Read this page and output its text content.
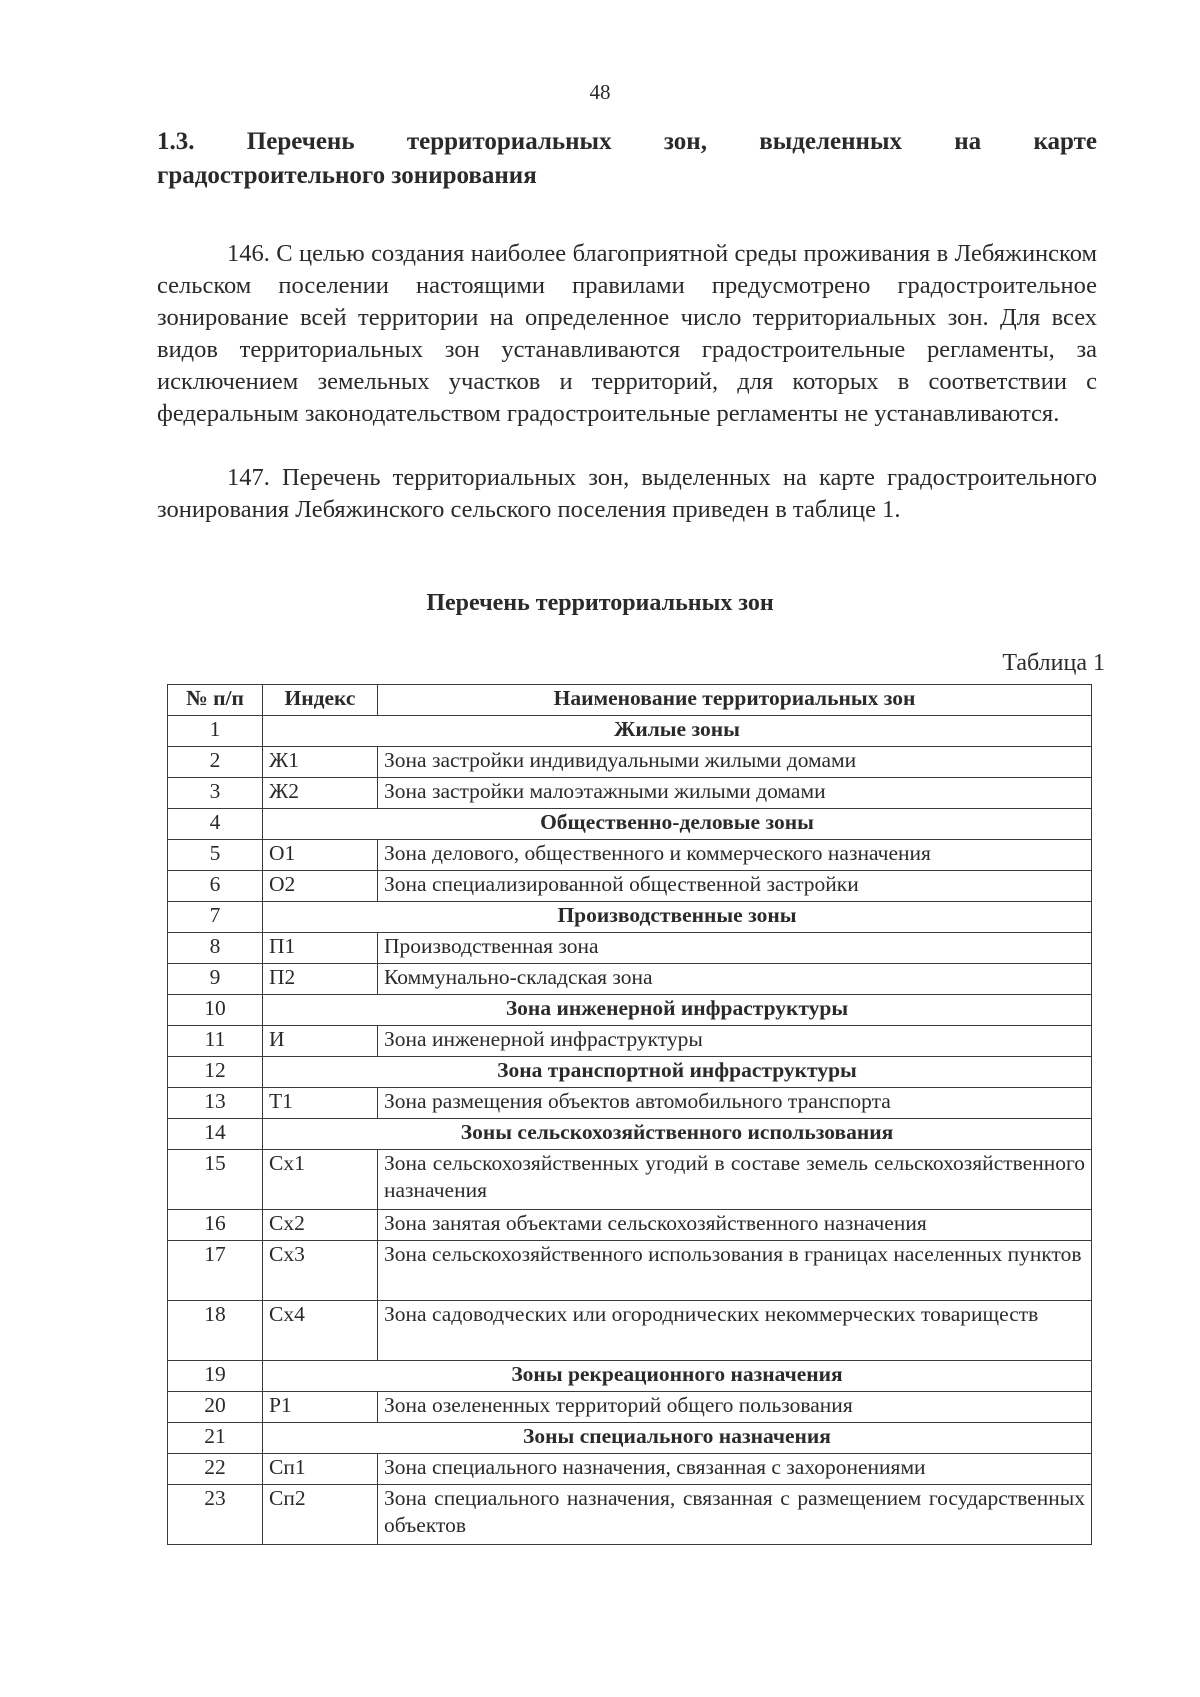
48
1.3. Перечень территориальных зон, выделенных на карте
градостроительного зонирования
146. С целью создания наиболее благоприятной среды проживания в Лебяжинском сельском поселении настоящими правилами предусмотрено градостроительное зонирование всей территории на определенное число территориальных зон. Для всех видов территориальных зон устанавливаются градостроительные регламенты, за исключением земельных участков и территорий, для которых в соответствии с федеральным законодательством градостроительные регламенты не устанавливаются.
147. Перечень территориальных зон, выделенных на карте градостроительного зонирования Лебяжинского сельского поселения приведен в таблице 1.
Перечень территориальных зон
Таблица 1
№ п/п	Индекс	Наименование территориальных зон
1	Жилые зоны	
2	Ж1	Зона застройки индивидуальными жилыми домами
3	Ж2	Зона застройки малоэтажными жилыми домами
4	Общественно-деловые зоны	
5	О1	Зона делового, общественного и коммерческого назначения
6	О2	Зона специализированной общественной застройки
7	Производственные зоны	
8	П1	Производственная зона
9	П2	Коммунально-складская зона
10	Зона инженерной инфраструктуры	
11	И	Зона инженерной инфраструктуры
12	Зона транспортной инфраструктуры	
13	Т1	Зона размещения объектов автомобильного транспорта
14	Зоны сельскохозяйственного использования	
15	Сх1	Зона сельскохозяйственных угодий в составе земель сельскохозяйственного назначения
16	Сх2	Зона занятая объектами сельскохозяйственного назначения
17	Сх3	Зона сельскохозяйственного использования в границах населенных пунктов
18	Сх4	Зона садоводческих или огороднических некоммерческих товариществ
19	Зоны рекреационного назначения	
20	Р1	Зона озелененных территорий общего пользования
21	Зоны специального назначения	
22	Сп1	Зона специального назначения, связанная с захоронениями
23	Сп2	Зона специального назначения, связанная с размещением государственных объектов
